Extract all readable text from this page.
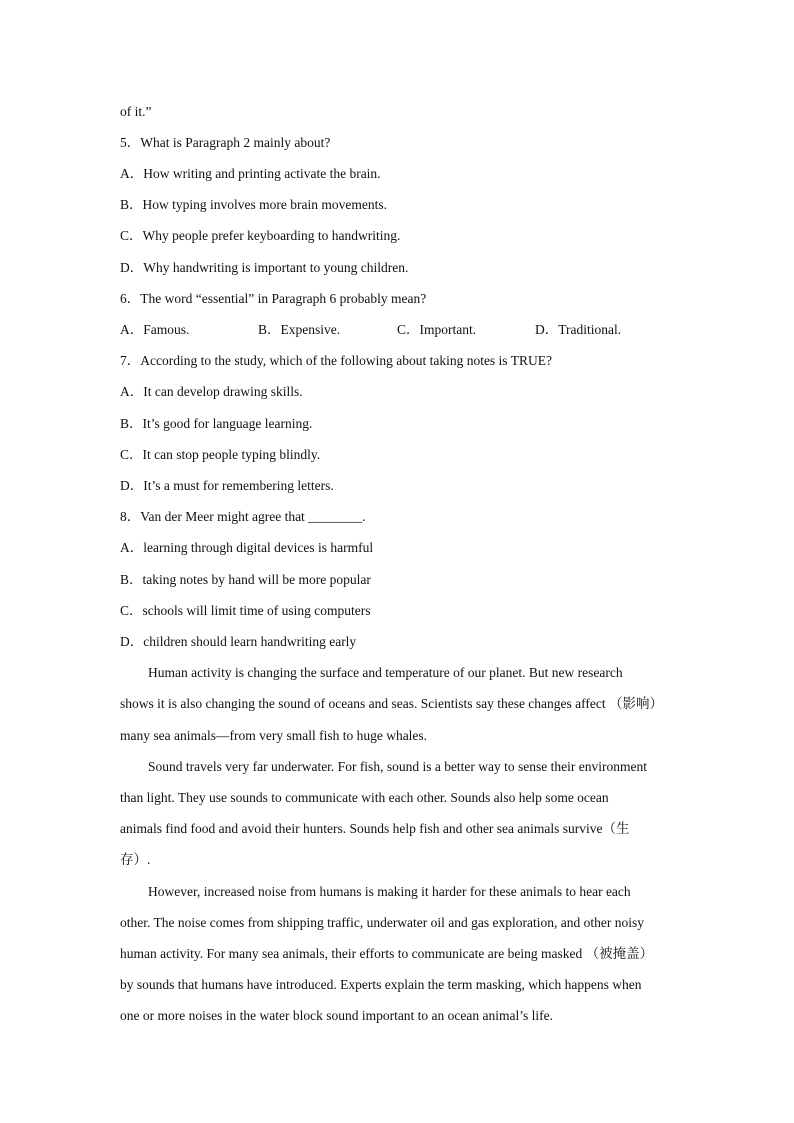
of it.”
5．What is Paragraph 2 mainly about?
A．How writing and printing activate the brain.
B．How typing involves more brain movements.
C．Why people prefer keyboarding to handwriting.
D．Why handwriting is important to young children.
6．The word “essential” in Paragraph 6 probably mean?
A．Famous.	B．Expensive.	C．Important.	D．Traditional.
7．According to the study, which of the following about taking notes is TRUE?
A．It can develop drawing skills.
B．It’s good for language learning.
C．It can stop people typing blindly.
D．It’s a must for remembering letters.
8．Van der Meer might agree that ________.
A．learning through digital devices is harmful
B．taking notes by hand will be more popular
C．schools will limit time of using computers
D．children should learn handwriting early
Human activity is changing the surface and temperature of our planet. But new research
shows it is also changing the sound of oceans and seas. Scientists say these changes affect （影响）
many sea animals—from very small fish to huge whales.
Sound travels very far underwater. For fish, sound is a better way to sense their environment
than light. They use sounds to communicate with each other. Sounds also help some ocean
animals find food and avoid their hunters. Sounds help fish and other sea animals survive（生
存）.
However, increased noise from humans is making it harder for these animals to hear each
other. The noise comes from shipping traffic, underwater oil and gas exploration, and other noisy
human activity. For many sea animals, their efforts to communicate are being masked （被掩盖）
by sounds that humans have introduced. Experts explain the term masking, which happens when
one or more noises in the water block sound important to an ocean animal’s life.
